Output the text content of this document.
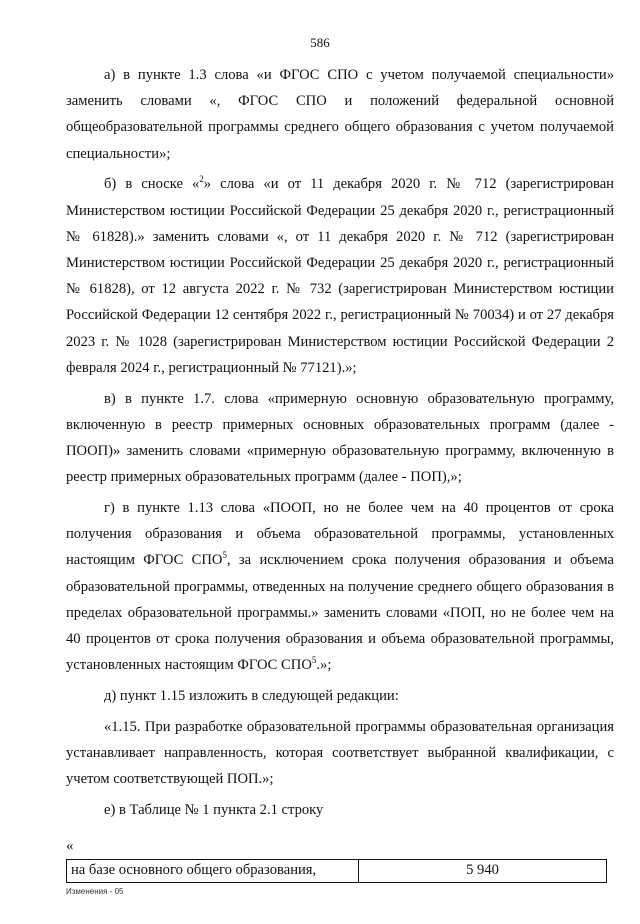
586

а) в пункте 1.3 слова «и ФГОС СПО с учетом получаемой специальности» заменить словами «, ФГОС СПО и положений федеральной основной общеобразовательной программы среднего общего образования с учетом получаемой специальности»;

б) в сноске «$^2$» слова «и от 11 декабря 2020 г. № 712 (зарегистрирован Министерством юстиции Российской Федерации 25 декабря 2020 г., регистрационный № 61828).» заменить словами «, от 11 декабря 2020 г. № 712 (зарегистрирован Министерством юстиции Российской Федерации 25 декабря 2020 г., регистрационный № 61828), от 12 августа 2022 г. № 732 (зарегистрирован Министерством юстиции Российской Федерации 12 сентября 2022 г., регистрационный № 70034) и от 27 декабря 2023 г. № 1028 (зарегистрирован Министерством юстиции Российской Федерации 2 февраля 2024 г., регистрационный № 77121).»;

в) в пункте 1.7. слова «примерную основную образовательную программу, включенную в реестр примерных основных образовательных программ (далее - ПООП)» заменить словами «примерную образовательную программу, включенную в реестр примерных образовательных программ (далее - ПОП),»;

г) в пункте 1.13 слова «ПООП, но не более чем на 40 процентов от срока получения образования и объема образовательной программы, установленных настоящим ФГОС СПО$^5$, за исключением срока получения образования и объема образовательной программы, отведенных на получение среднего общего образования в пределах образовательной программы.» заменить словами «ПОП, но не более чем на 40 процентов от срока получения образования и объема образовательной программы, установленных настоящим ФГОС СПО$^5$.»;

д) пункт 1.15 изложить в следующей редакции:

«1.15. При разработке образовательной программы образовательная организация устанавливает направленность, которая соответствует выбранной квалификации, с учетом соответствующей ПОП.»;

е) в Таблице № 1 пункта 2.1 строку

«
на базе основного общего образования,	5 940
Изменения - 05
